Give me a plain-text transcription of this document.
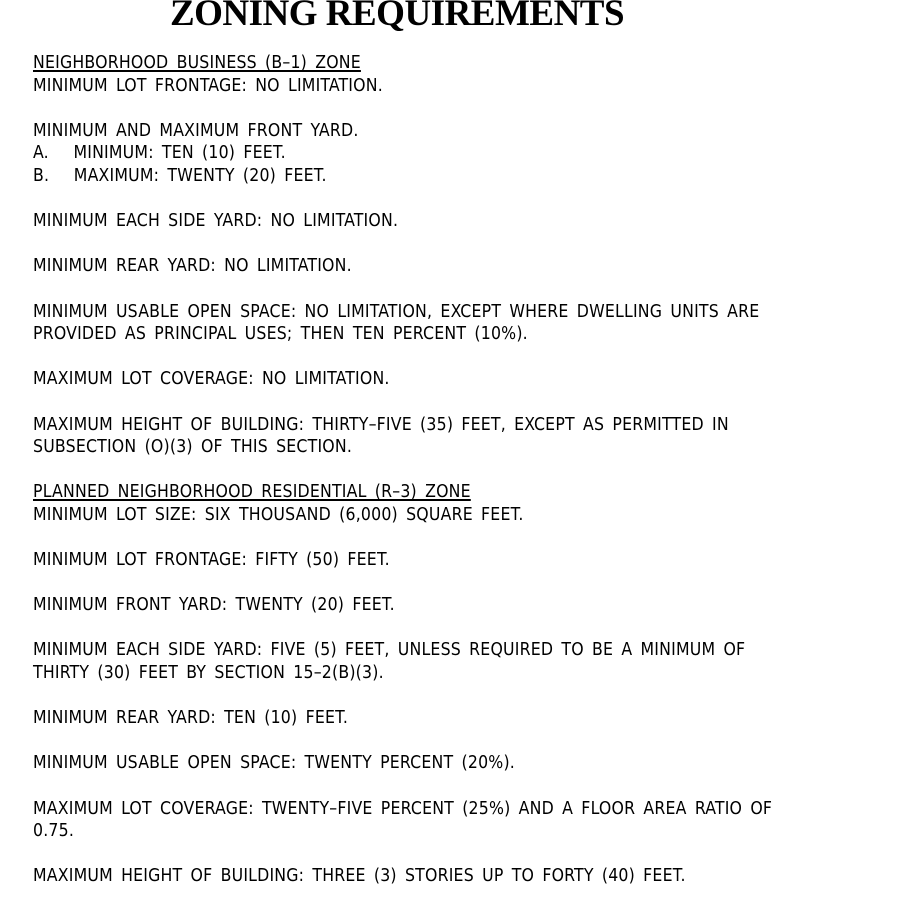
ZONING REQUIREMENTS
NEIGHBORHOOD BUSINESS (B–1) ZONE
MINIMUM LOT FRONTAGE: NO LIMITATION.
MINIMUM AND MAXIMUM FRONT YARD.
A.   MINIMUM: TEN (10) FEET.
B.   MAXIMUM: TWENTY (20) FEET.
MINIMUM EACH SIDE YARD: NO LIMITATION.
MINIMUM REAR YARD: NO LIMITATION.
MINIMUM USABLE OPEN SPACE: NO LIMITATION, EXCEPT WHERE DWELLING UNITS ARE
PROVIDED AS PRINCIPAL USES; THEN TEN PERCENT (10%).
MAXIMUM LOT COVERAGE: NO LIMITATION.
MAXIMUM HEIGHT OF BUILDING: THIRTY–FIVE (35) FEET, EXCEPT AS PERMITTED IN
SUBSECTION (O)(3) OF THIS SECTION.
PLANNED NEIGHBORHOOD RESIDENTIAL (R–3) ZONE
MINIMUM LOT SIZE: SIX THOUSAND (6,000) SQUARE FEET.
MINIMUM LOT FRONTAGE: FIFTY (50) FEET.
MINIMUM FRONT YARD: TWENTY (20) FEET.
MINIMUM EACH SIDE YARD: FIVE (5) FEET, UNLESS REQUIRED TO BE A MINIMUM OF
THIRTY (30) FEET BY SECTION 15–2(B)(3).
MINIMUM REAR YARD: TEN (10) FEET.
MINIMUM USABLE OPEN SPACE: TWENTY PERCENT (20%).
MAXIMUM LOT COVERAGE: TWENTY–FIVE PERCENT (25%) AND A FLOOR AREA RATIO OF
0.75.
MAXIMUM HEIGHT OF BUILDING: THREE (3) STORIES UP TO FORTY (40) FEET.
